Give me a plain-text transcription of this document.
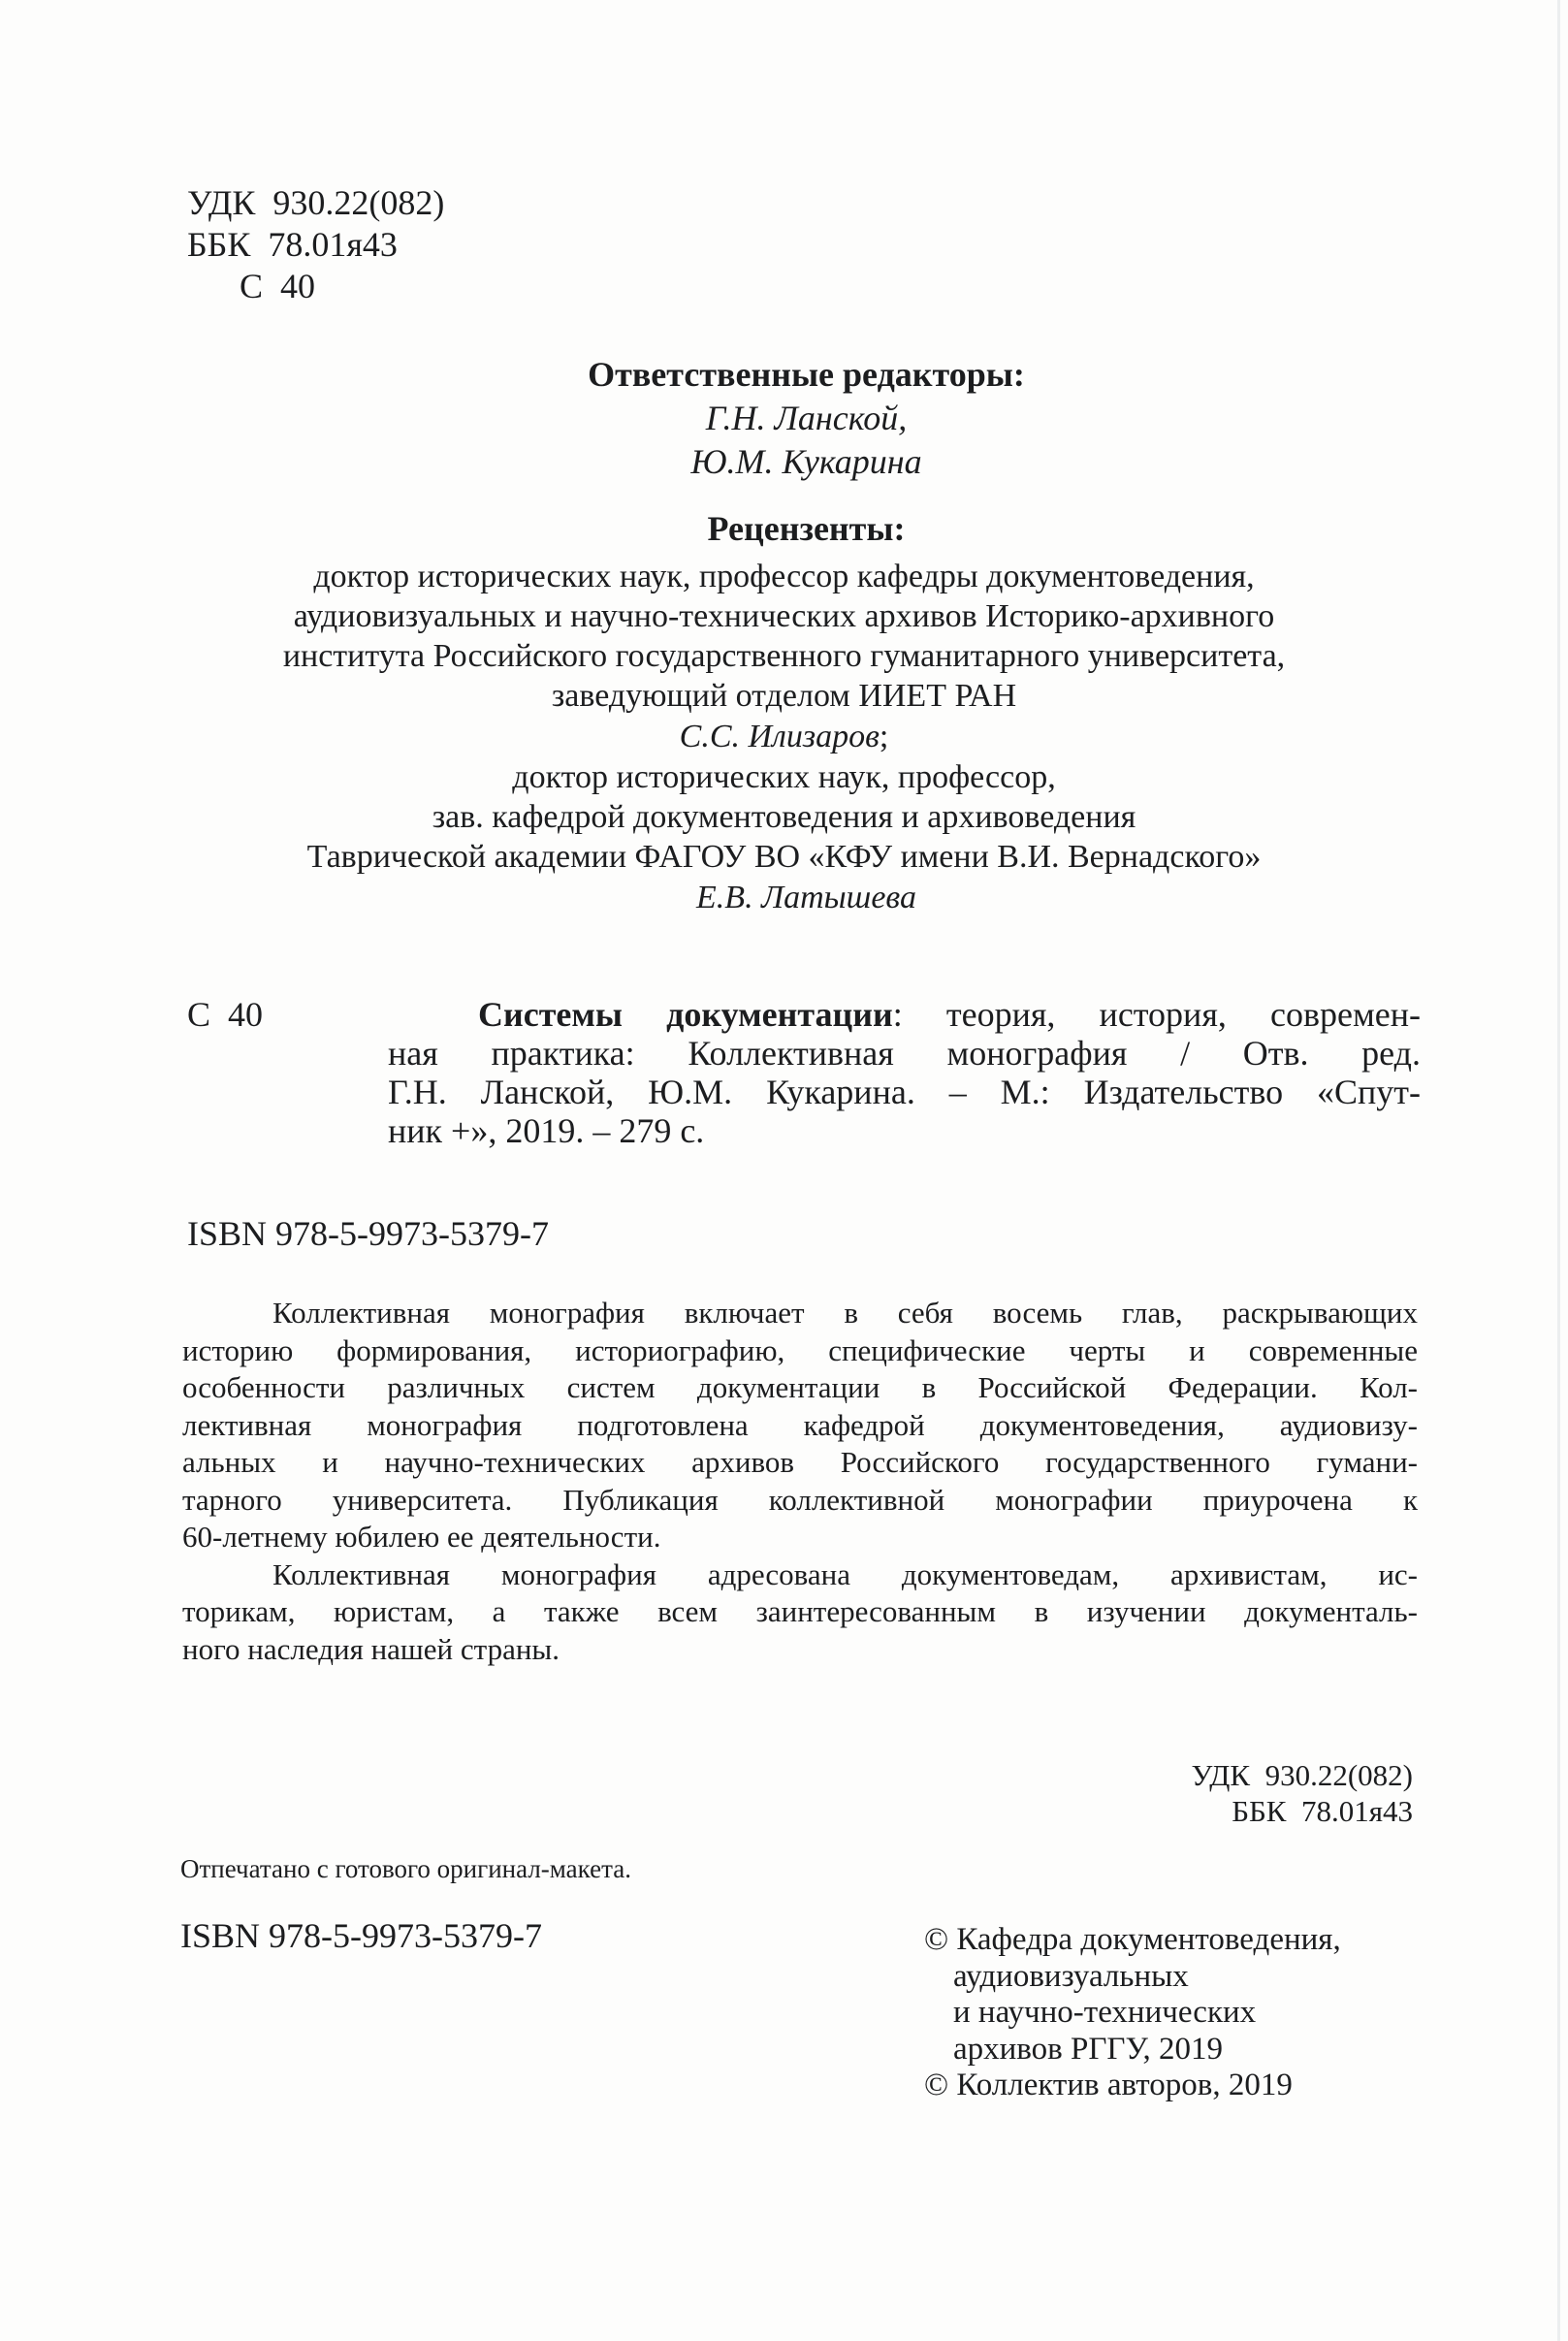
УДК  930.22(082)
ББК  78.01я43
С  40
Ответственные редакторы:
Г.Н. Ланской,
Ю.М. Кукарина
Рецензенты:
доктор исторических наук, профессор кафедры документоведения,
аудиовизуальных и научно-технических архивов Историко-архивного
института Российского государственного гуманитарного университета,
заведующий отделом ИИЕТ РАН
С.С. Илизаров;
доктор исторических наук, профессор,
зав. кафедрой документоведения и архивоведения
Таврической академии ФАГОУ ВО «КФУ имени В.И. Вернадского»
Е.В. Латышева
С  40	Системы документации: теория, история, современ-
ная практика: Коллективная монография / Отв. ред.
Г.Н. Ланской, Ю.М. Кукарина. – М.: Издательство «Спут-
ник +», 2019. – 279 с.
ISBN 978-5-9973-5379-7
Коллективная монография включает в себя восемь глав, раскрывающих
историю формирования, историографию, специфические черты и современные
особенности различных систем документации в Российской Федерации. Кол-
лективная монография подготовлена кафедрой документоведения, аудиовизу-
альных и научно-технических архивов Российского государственного гумани-
тарного университета. Публикация коллективной монографии приурочена к
60-летнему юбилею ее деятельности.
Коллективная монография адресована документоведам, архивистам, ис-
торикам, юристам, а также всем заинтересованным в изучении документаль-
ного наследия нашей страны.
УДК  930.22(082)
ББК  78.01я43
Отпечатано с готового оригинал-макета.
ISBN 978-5-9973-5379-7	© Кафедра документоведения,
аудиовизуальных
и научно-технических
архивов РГГУ, 2019
© Коллектив авторов, 2019
